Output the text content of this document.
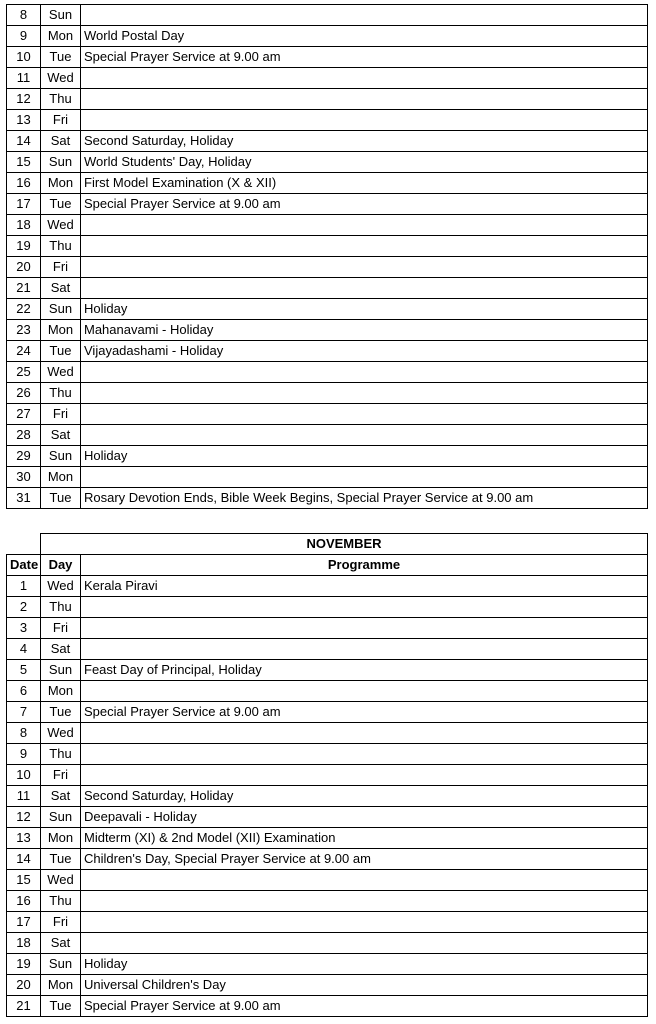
8	Sun	
9	Mon	World Postal Day
10	Tue	Special Prayer Service at 9.00 am
11	Wed	
12	Thu	
13	Fri	
14	Sat	Second Saturday, Holiday
15	Sun	World Students' Day, Holiday
16	Mon	First Model Examination (X & XII)
17	Tue	Special Prayer Service at 9.00 am
18	Wed	
19	Thu	
20	Fri	
21	Sat	
22	Sun	Holiday
23	Mon	Mahanavami - Holiday
24	Tue	Vijayadashami - Holiday
25	Wed	
26	Thu	
27	Fri	
28	Sat	
29	Sun	Holiday
30	Mon	
31	Tue	Rosary Devotion Ends, Bible Week Begins, Special Prayer Service at 9.00 am
	NOVEMBER	
Date	Day	Programme
1	Wed	Kerala Piravi
2	Thu	
3	Fri	
4	Sat	
5	Sun	Feast Day of Principal, Holiday
6	Mon	
7	Tue	Special Prayer Service at 9.00 am
8	Wed	
9	Thu	
10	Fri	
11	Sat	Second Saturday, Holiday
12	Sun	Deepavali - Holiday
13	Mon	Midterm (XI) & 2nd Model (XII) Examination
14	Tue	Children's Day, Special Prayer Service at 9.00 am
15	Wed	
16	Thu	
17	Fri	
18	Sat	
19	Sun	Holiday
20	Mon	Universal Children's Day
21	Tue	Special Prayer Service at 9.00 am
